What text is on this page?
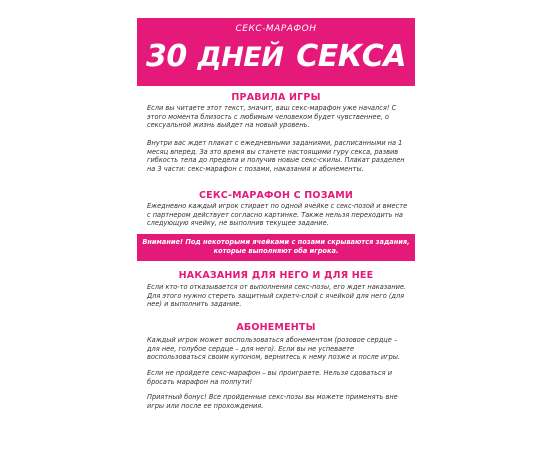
СЕКС-МАРАФОН
30 ДНЕЙ СЕКСА
ПРАВИЛА ИГРЫ
Если вы читаете этот текст, значит, ваш секс-марафон уже начался! С этого момента близость с любимым человеком будет чувственнее, о сексуальной жизнь выйдет на новый уровень.
Внутри вас ждет плакат с ежедневными заданиями, расписанными на 1 месяц вперед. За это время вы станете настоящими гуру секса, развив гибкость тела до предела и получив новые секс-скилы. Плакат разделен на 3 части: секс-марафон с позами, наказания и абонементы.
СЕКС-МАРАФОН С ПОЗАМИ
Ежедневно каждый игрок стирает по одной ячейке с секс-позой и вместе с партнером действует согласно картинке. Также нельзя переходить на следующую ячейку, не выполнив текущее задание.
Внимание! Под некоторыми ячейками с позами скрываются задания,
которые выполняют оба игрока.
НАКАЗАНИЯ ДЛЯ НЕГО И ДЛЯ НЕЕ
Если кто-то отказывается от выполнения секс-позы, его ждет наказание. Для этого нужно стереть защитный скретч-слой с ячейкой для него (для нее) и выполнить задание.
АБОНЕМЕНТЫ
Каждый игрок может воспользоваться абонементом (розовое сердце – для нее, голубое сердце – для него). Если вы не успеваете воспользоваться своим купоном, вернитесь к нему позже и после игры.
Если не пройдете секс-марафон – вы проиграете. Нельзя сдоваться и бросать марафон на полпути!
Приятный бонус! Все пройденные секс-позы вы можете применять вне игры или после ее прохождения.
